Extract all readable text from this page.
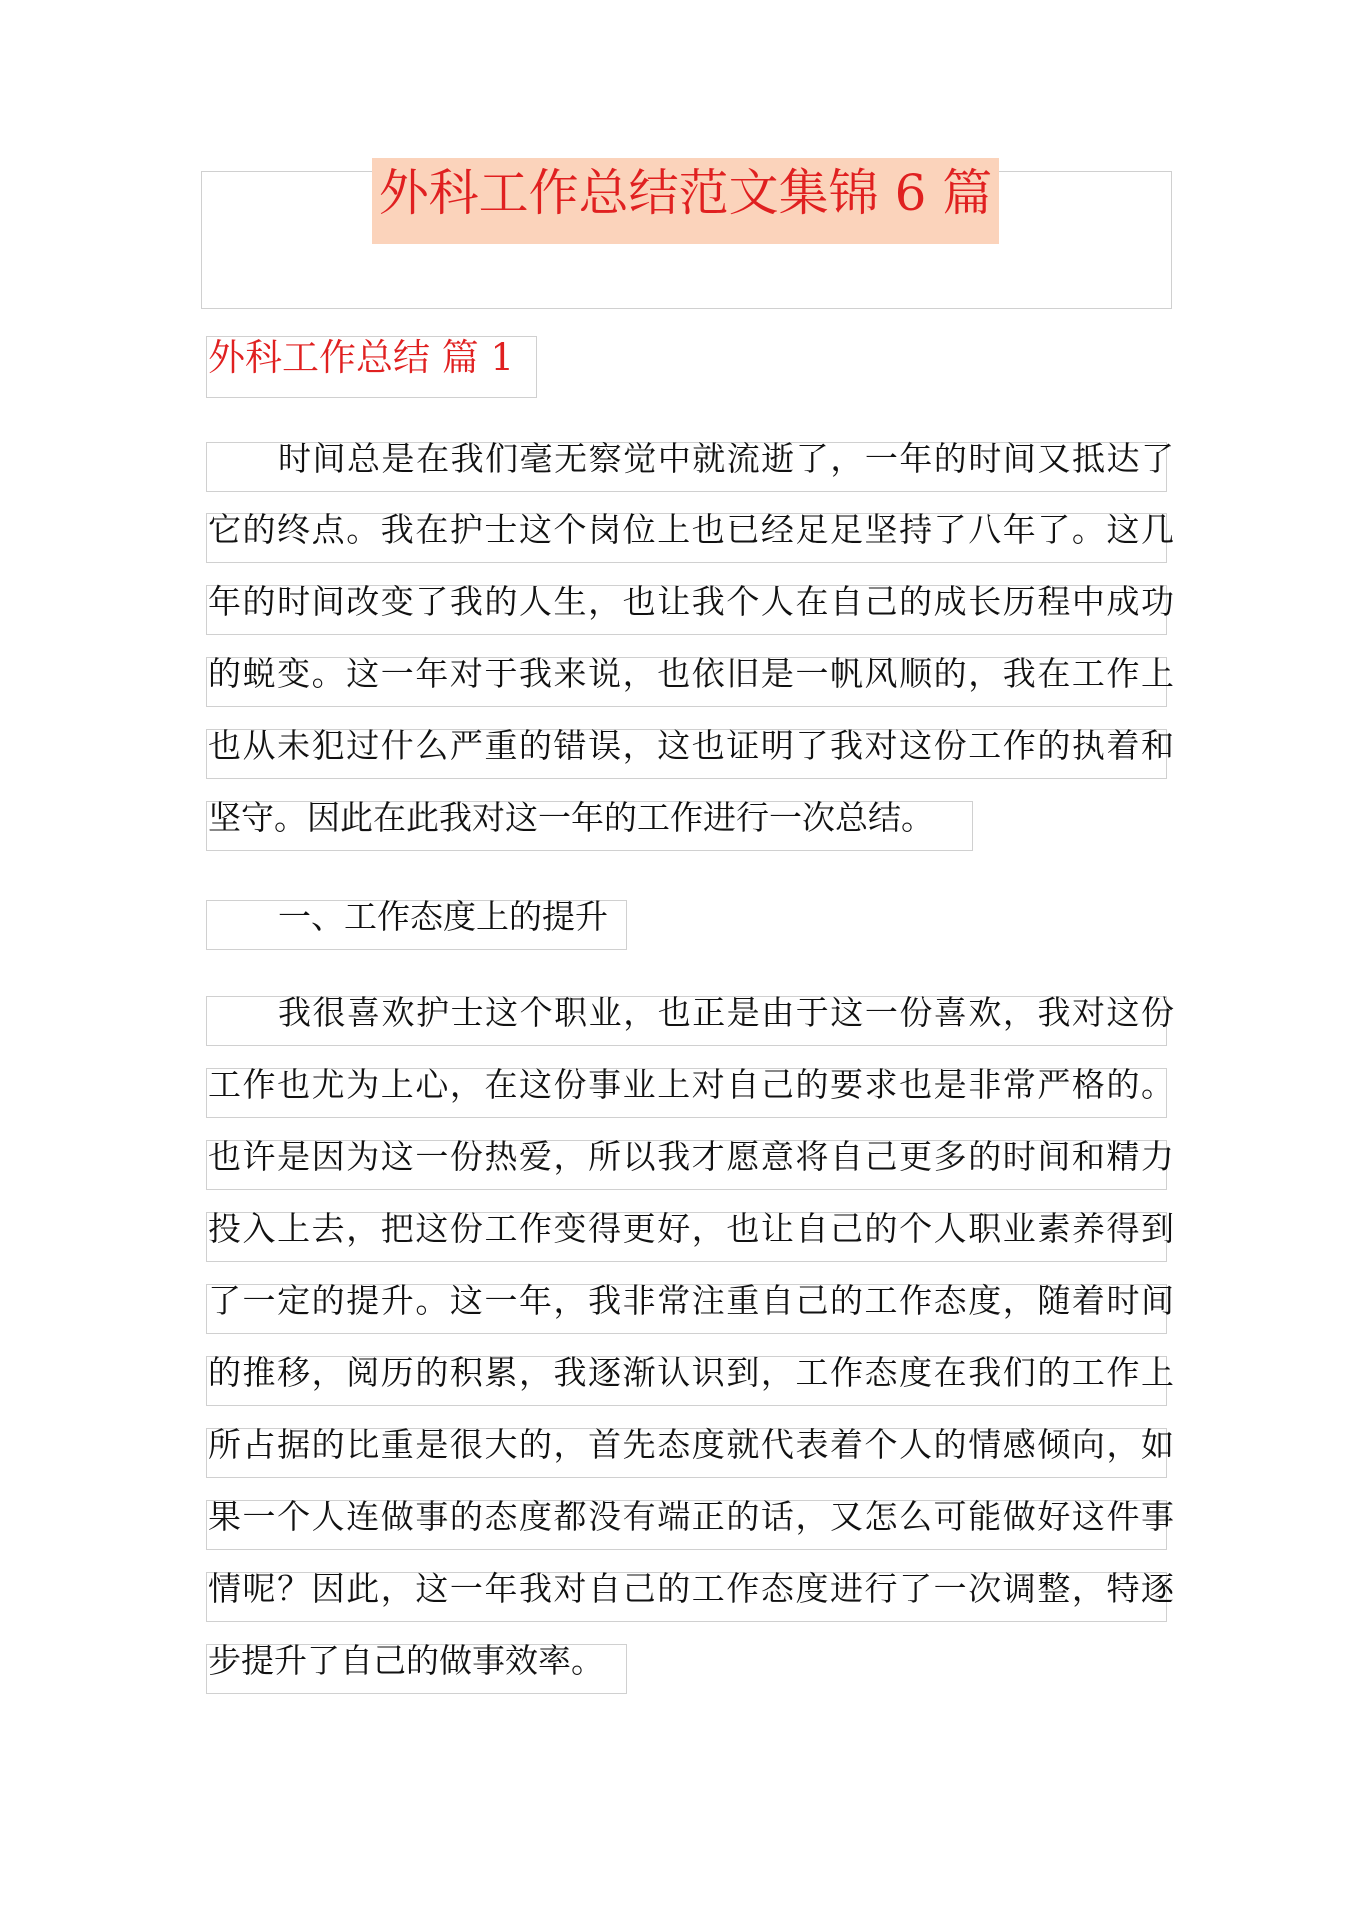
外科工作总结范文集锦 6 篇
外科工作总结 篇 1
时间总是在我们毫无察觉中就流逝了，一年的时间又抵达了
它的终点。我在护士这个岗位上也已经足足坚持了八年了。这几
年的时间改变了我的人生，也让我个人在自己的成长历程中成功
的蜕变。这一年对于我来说，也依旧是一帆风顺的，我在工作上
也从未犯过什么严重的错误，这也证明了我对这份工作的执着和
坚守。因此在此我对这一年的工作进行一次总结。
一、工作态度上的提升
我很喜欢护士这个职业，也正是由于这一份喜欢，我对这份
工作也尤为上心，在这份事业上对自己的要求也是非常严格的。
也许是因为这一份热爱，所以我才愿意将自己更多的时间和精力
投入上去，把这份工作变得更好，也让自己的个人职业素养得到
了一定的提升。这一年，我非常注重自己的工作态度，随着时间
的推移，阅历的积累，我逐渐认识到，工作态度在我们的工作上
所占据的比重是很大的，首先态度就代表着个人的情感倾向，如
果一个人连做事的态度都没有端正的话，又怎么可能做好这件事
情呢？因此，这一年我对自己的工作态度进行了一次调整，特逐
步提升了自己的做事效率。
